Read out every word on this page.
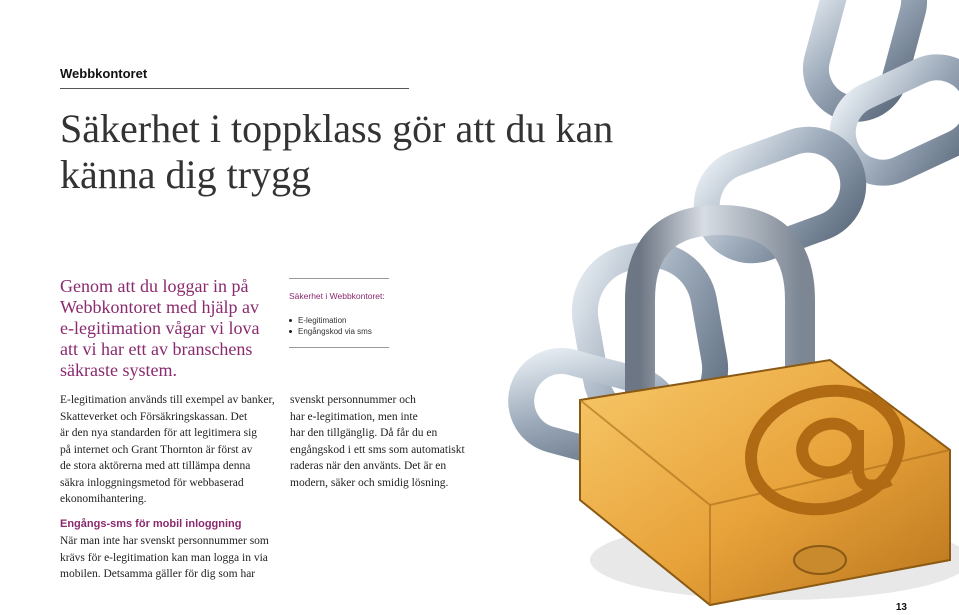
Webbkontoret
Säkerhet i toppklass gör att du kan
känna dig trygg

Genom att du loggar in på
Webbkontoret med hjälp av
e-legitimation vågar vi lova
att vi har ett av branschens
säkraste system.

Säkerhet i Webbkontoret:
E-legitimation
Engångskod via sms

E-legitimation används till exempel av banker,
Skatteverket och Försäkringskassan. Det
är den nya standarden för att legitimera sig
på internet och Grant Thornton är först av
de stora aktörerna med att tillämpa denna
säkra inloggningsmetod för webbaserad
ekonomihantering.

svenskt personnummer och
har e-legitimation, men inte
har den tillgänglig. Då får du en
engångskod i ett sms som automatiskt
raderas när den använts. Det är en
modern, säker och smidig lösning.

Engångs-sms för mobil inloggning

När man inte har svenskt personnummer som
krävs för e-legitimation kan man logga in via
mobilen. Detsamma gäller för dig som har

13
